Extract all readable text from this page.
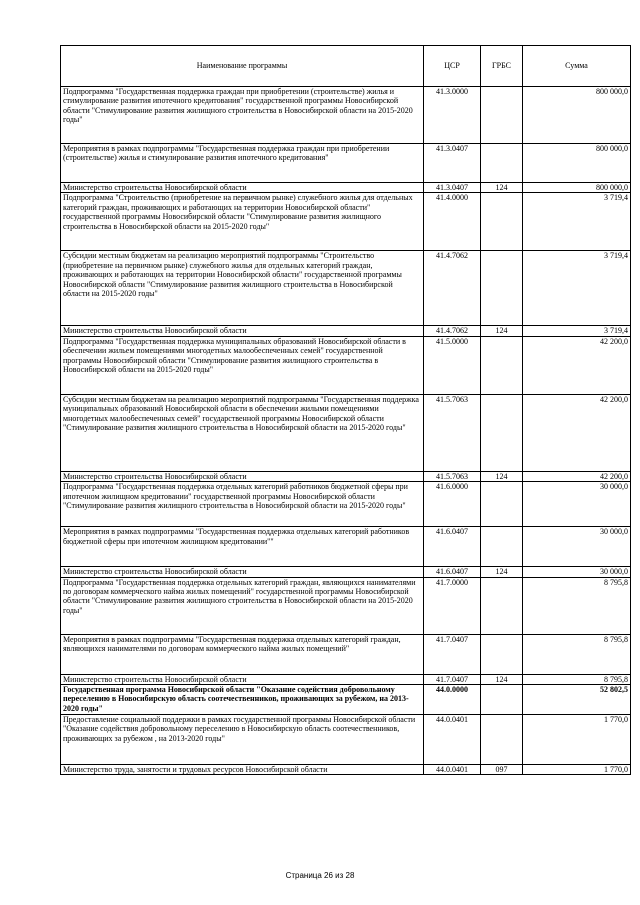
Наименование программы	ЦСР	ГРБС	Сумма
Подпрограмма "Государственная поддержка граждан при приобретении (строительстве) жилья и стимулирование развития ипотечного кредитования" государственной программы Новосибирской области "Стимулирование развития жилищного строительства в Новосибирской области на 2015-2020 годы"	41.3.0000		800 000,0
Мероприятия в рамках подпрограммы "Государственная поддержка граждан при приобретении (строительстве) жилья и стимулирование развития ипотечного кредитования"	41.3.0407		800 000,0
Министерство строительства Новосибирской области	41.3.0407	124	800 000,0
Подпрограмма "Строительство (приобретение на первичном рынке) служебного жилья для отдельных категорий граждан, проживающих и работающих на территории Новосибирской области" государственной программы Новосибирской области "Стимулирование развития жилищного строительства в Новосибирской области на 2015-2020 годы"	41.4.0000		3 719,4
Субсидии местным бюджетам на реализацию мероприятий подпрограммы "Строительство (приобретение на первичном рынке) служебного жилья для отдельных категорий граждан, проживающих и работающих на территории Новосибирской области" государственной программы Новосибирской области "Стимулирование развития жилищного строительства в Новосибирской области на 2015-2020 годы"	41.4.7062		3 719,4
Министерство строительства Новосибирской области	41.4.7062	124	3 719,4
Подпрограмма "Государственная поддержка муниципальных образований Новосибирской области в обеспечении жильем помещениями многодетных малообеспеченных семей" государственной программы Новосибирской области "Стимулирование развития жилищного строительства в Новосибирской области на 2015-2020 годы"	41.5.0000		42 200,0
Субсидии местным бюджетам на реализацию мероприятий подпрограммы "Государственная поддержка муниципальных образований Новосибирской области в обеспечении жилыми помещениями многодетных малообеспеченных семей" государственной программы Новосибирской области "Стимулирование развития жилищного строительства в Новосибирской области на 2015-2020 годы"	41.5.7063		42 200,0
Министерство строительства Новосибирской области	41.5.7063	124	42 200,0
Подпрограмма "Государственная поддержка отдельных категорий работников бюджетной сферы при ипотечном жилищном кредитовании" государственной программы Новосибирской области "Стимулирование развития жилищного строительства в Новосибирской области на 2015-2020 годы"	41.6.0000		30 000,0
Мероприятия в рамках подпрограммы "Государственная поддержка отдельных категорий работников бюджетной сферы при ипотечном жилищном кредитовании""	41.6.0407		30 000,0
Министерство строительства Новосибирской области	41.6.0407	124	30 000,0
Подпрограмма "Государственная поддержка отдельных категорий граждан, являющихся нанимателями по договорам коммерческого найма жилых помещений" государственной программы Новосибирской области "Стимулирование развития жилищного строительства в Новосибирской области на 2015-2020 годы"	41.7.0000		8 795,8
Мероприятия в рамках подпрограммы "Государственная поддержка отдельных категорий граждан, являющихся нанимателями по договорам коммерческого найма жилых помещений"	41.7.0407		8 795,8
Министерство строительства Новосибирской области	41.7.0407	124	8 795,8
Государственная программа Новосибирской области "Оказание содействия добровольному переселению в Новосибирскую область соотечественников, проживающих за рубежом, на 2013-2020 годы"	44.0.0000		52 802,5
Предоставление социальной поддержки в рамках государственной программы Новосибирской области "Оказание содействия добровольному переселению в Новосибирскую область соотечественников, проживающих за рубежом , на 2013-2020 годы"	44.0.0401		1 770,0
Министерство труда, занятости и трудовых ресурсов Новосибирской области	44.0.0401	097	1 770,0
Страница 26 из 28
